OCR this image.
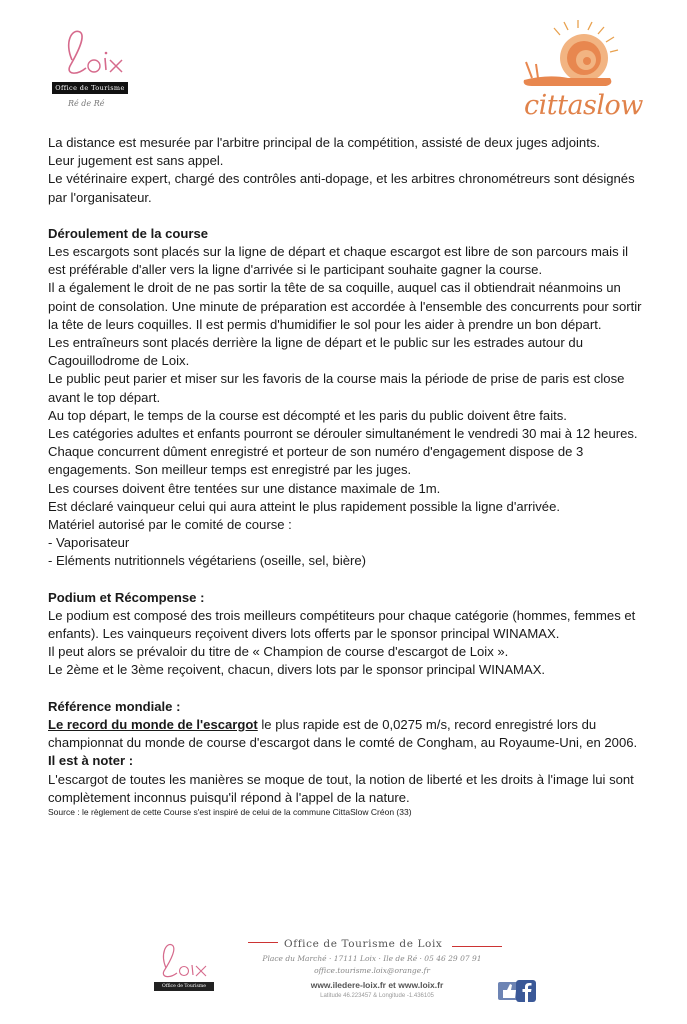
Office de Tourisme
Ré de Ré	cittaslow

La distance est mesurée par l'arbitre principal de la compétition, assisté de deux juges adjoints.

Leur jugement est sans appel.

Le vétérinaire expert, chargé des contrôles anti-dopage, et les arbitres chronométreurs sont désignés par l'organisateur.

Déroulement de la course

Les escargots sont placés sur la ligne de départ et chaque escargot est libre de son parcours mais il est préférable d'aller vers la ligne d'arrivée si le participant souhaite gagner la course.

Il a également le droit de ne pas sortir la tête de sa coquille, auquel cas il obtiendrait néanmoins un point de consolation. Une minute de préparation est accordée à l'ensemble des concurrents pour sortir la tête de leurs coquilles. Il est permis d'humidifier le sol pour les aider à prendre un bon départ.

Les entraîneurs sont placés derrière la ligne de départ et le public sur les estrades autour du Cagouillodrome de Loix.

Le public peut parier et miser sur les favoris de la course mais la période de prise de paris est close avant le top départ.

Au top départ, le temps de la course est décompté et les paris du public doivent être faits.

Les catégories adultes et enfants pourront se dérouler simultanément le vendredi 30 mai à 12 heures.

Chaque concurrent dûment enregistré et porteur de son numéro d'engagement dispose de 3 engagements. Son meilleur temps est enregistré par les juges.

Les courses doivent être tentées sur une distance maximale de 1m.

Est déclaré vainqueur celui qui aura atteint le plus rapidement possible la ligne d'arrivée.

Matériel autorisé par le comité de course :

- Vaporisateur

- Eléments nutritionnels végétariens (oseille, sel, bière)

Podium et Récompense :

Le podium est composé des trois meilleurs compétiteurs pour chaque catégorie (hommes, femmes et enfants). Les vainqueurs reçoivent divers lots offerts par le sponsor principal WINAMAX.

Il peut alors se prévaloir du titre de « Champion de course d'escargot de Loix ».

Le 2ème et le 3ème reçoivent, chacun, divers lots par le sponsor principal WINAMAX.

Référence mondiale :

Le record du monde de l'escargot le plus rapide est de 0,0275 m/s, record enregistré lors du championnat du monde de course d'escargot dans le comté de Congham, au Royaume-Uni, en 2006.

Il est à noter :

L'escargot de toutes les manières se moque de tout, la notion de liberté et les droits à l'image lui sont complètement inconnus puisqu'il répond à l'appel de la nature.

Source : le règlement de cette Course s'est inspiré de celui de la commune CittaSlow Créon (33)

Office de Tourisme
Office de Tourisme de Loix
Place du Marché · 17111 Loix · Ile de Ré · 05 46 29 07 91
office.tourisme.loix@orange.fr
www.iledere-loix.fr et www.loix.fr
Latitude 46.223457 & Longitude -1.436105
